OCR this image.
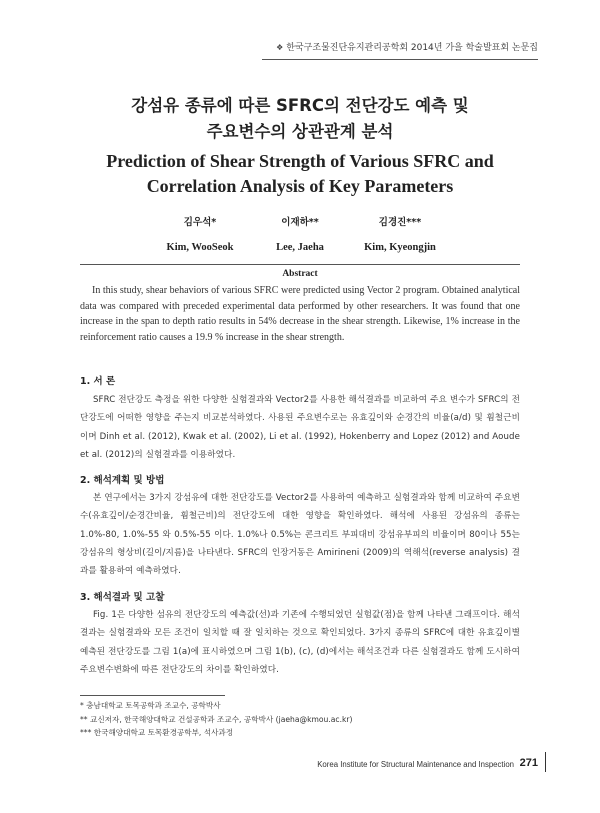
❖ 한국구조물진단유지관리공학회 2014년 가을 학술발표회 논문집
강섬유 종류에 따른 SFRC의 전단강도 예측 및
주요변수의 상관관계 분석
Prediction of Shear Strength of Various SFRC and
Correlation Analysis of Key Parameters
김우석*
Kim, WooSeok
이재하**
Lee, Jaeha
김경진***
Kim, Kyeongjin
Abstract
In this study, shear behaviors of various SFRC were predicted using Vector 2 program. Obtained analytical data was compared with preceded experimental data performed by other researchers. It was found that one increase in the span to depth ratio results in 54% decrease in the shear strength. Likewise, 1% increase in the reinforcement ratio causes a 19.9 % increase in the shear strength.
1. 서 론
SFRC 전단강도 측정을 위한 다양한 실험결과와 Vector2를 사용한 해석결과를 비교하여 주요 변수가 SFRC의 전단강도에 어떠한 영향을 주는지 비교분석하였다. 사용된 주요변수로는 유효깊이와 순경간의 비율(a/d) 및 휨철근비이며 Dinh et al. (2012), Kwak et al. (2002), Li et al. (1992), Hokenberry and Lopez (2012) and Aoude et al. (2012)의 실험결과를 이용하였다.
2. 해석계획 및 방법
본 연구에서는 3가지 강섬유에 대한 전단강도를 Vector2를 사용하여 예측하고 실험결과와 함께 비교하여 주요변수(유효깊이/순경간비율, 휨철근비)의 전단강도에 대한 영향을 확인하였다. 해석에 사용된 강섬유의 종류는 1.0%-80, 1.0%-55 와 0.5%-55 이다. 1.0%나 0.5%는 콘크리트 부피대비 강섬유부피의 비율이며 80이나 55는 강섬유의 형상비(길이/지름)을 나타낸다. SFRC의 인장거동은 Amirineni (2009)의 역해석(reverse analysis) 결과를 활용하여 예측하였다.
3. 해석결과 및 고찰
Fig. 1은 다양한 섬유의 전단강도의 예측값(선)과 기존에 수행되었던 실험값(점)을 함께 나타낸 그래프이다. 해석결과는 실험결과와 모든 조건이 일치할 때 잘 일치하는 것으로 확인되었다. 3가지 종류의 SFRC에 대한 유효깊이별 예측된 전단강도를 그림 1(a)에 표시하였으며 그림 1(b), (c), (d)에서는 해석조건과 다른 실험결과도 함께 도시하여 주요변수변화에 따른 전단강도의 차이를 확인하였다.
* 충남대학교 토목공학과 조교수, 공학박사
** 교신저자, 한국해양대학교 건설공학과 조교수, 공학박사 (jaeha@kmou.ac.kr)
*** 한국해양대학교 토목환경공학부, 석사과정
Korea Institute for Structural Maintenance and Inspection 271
